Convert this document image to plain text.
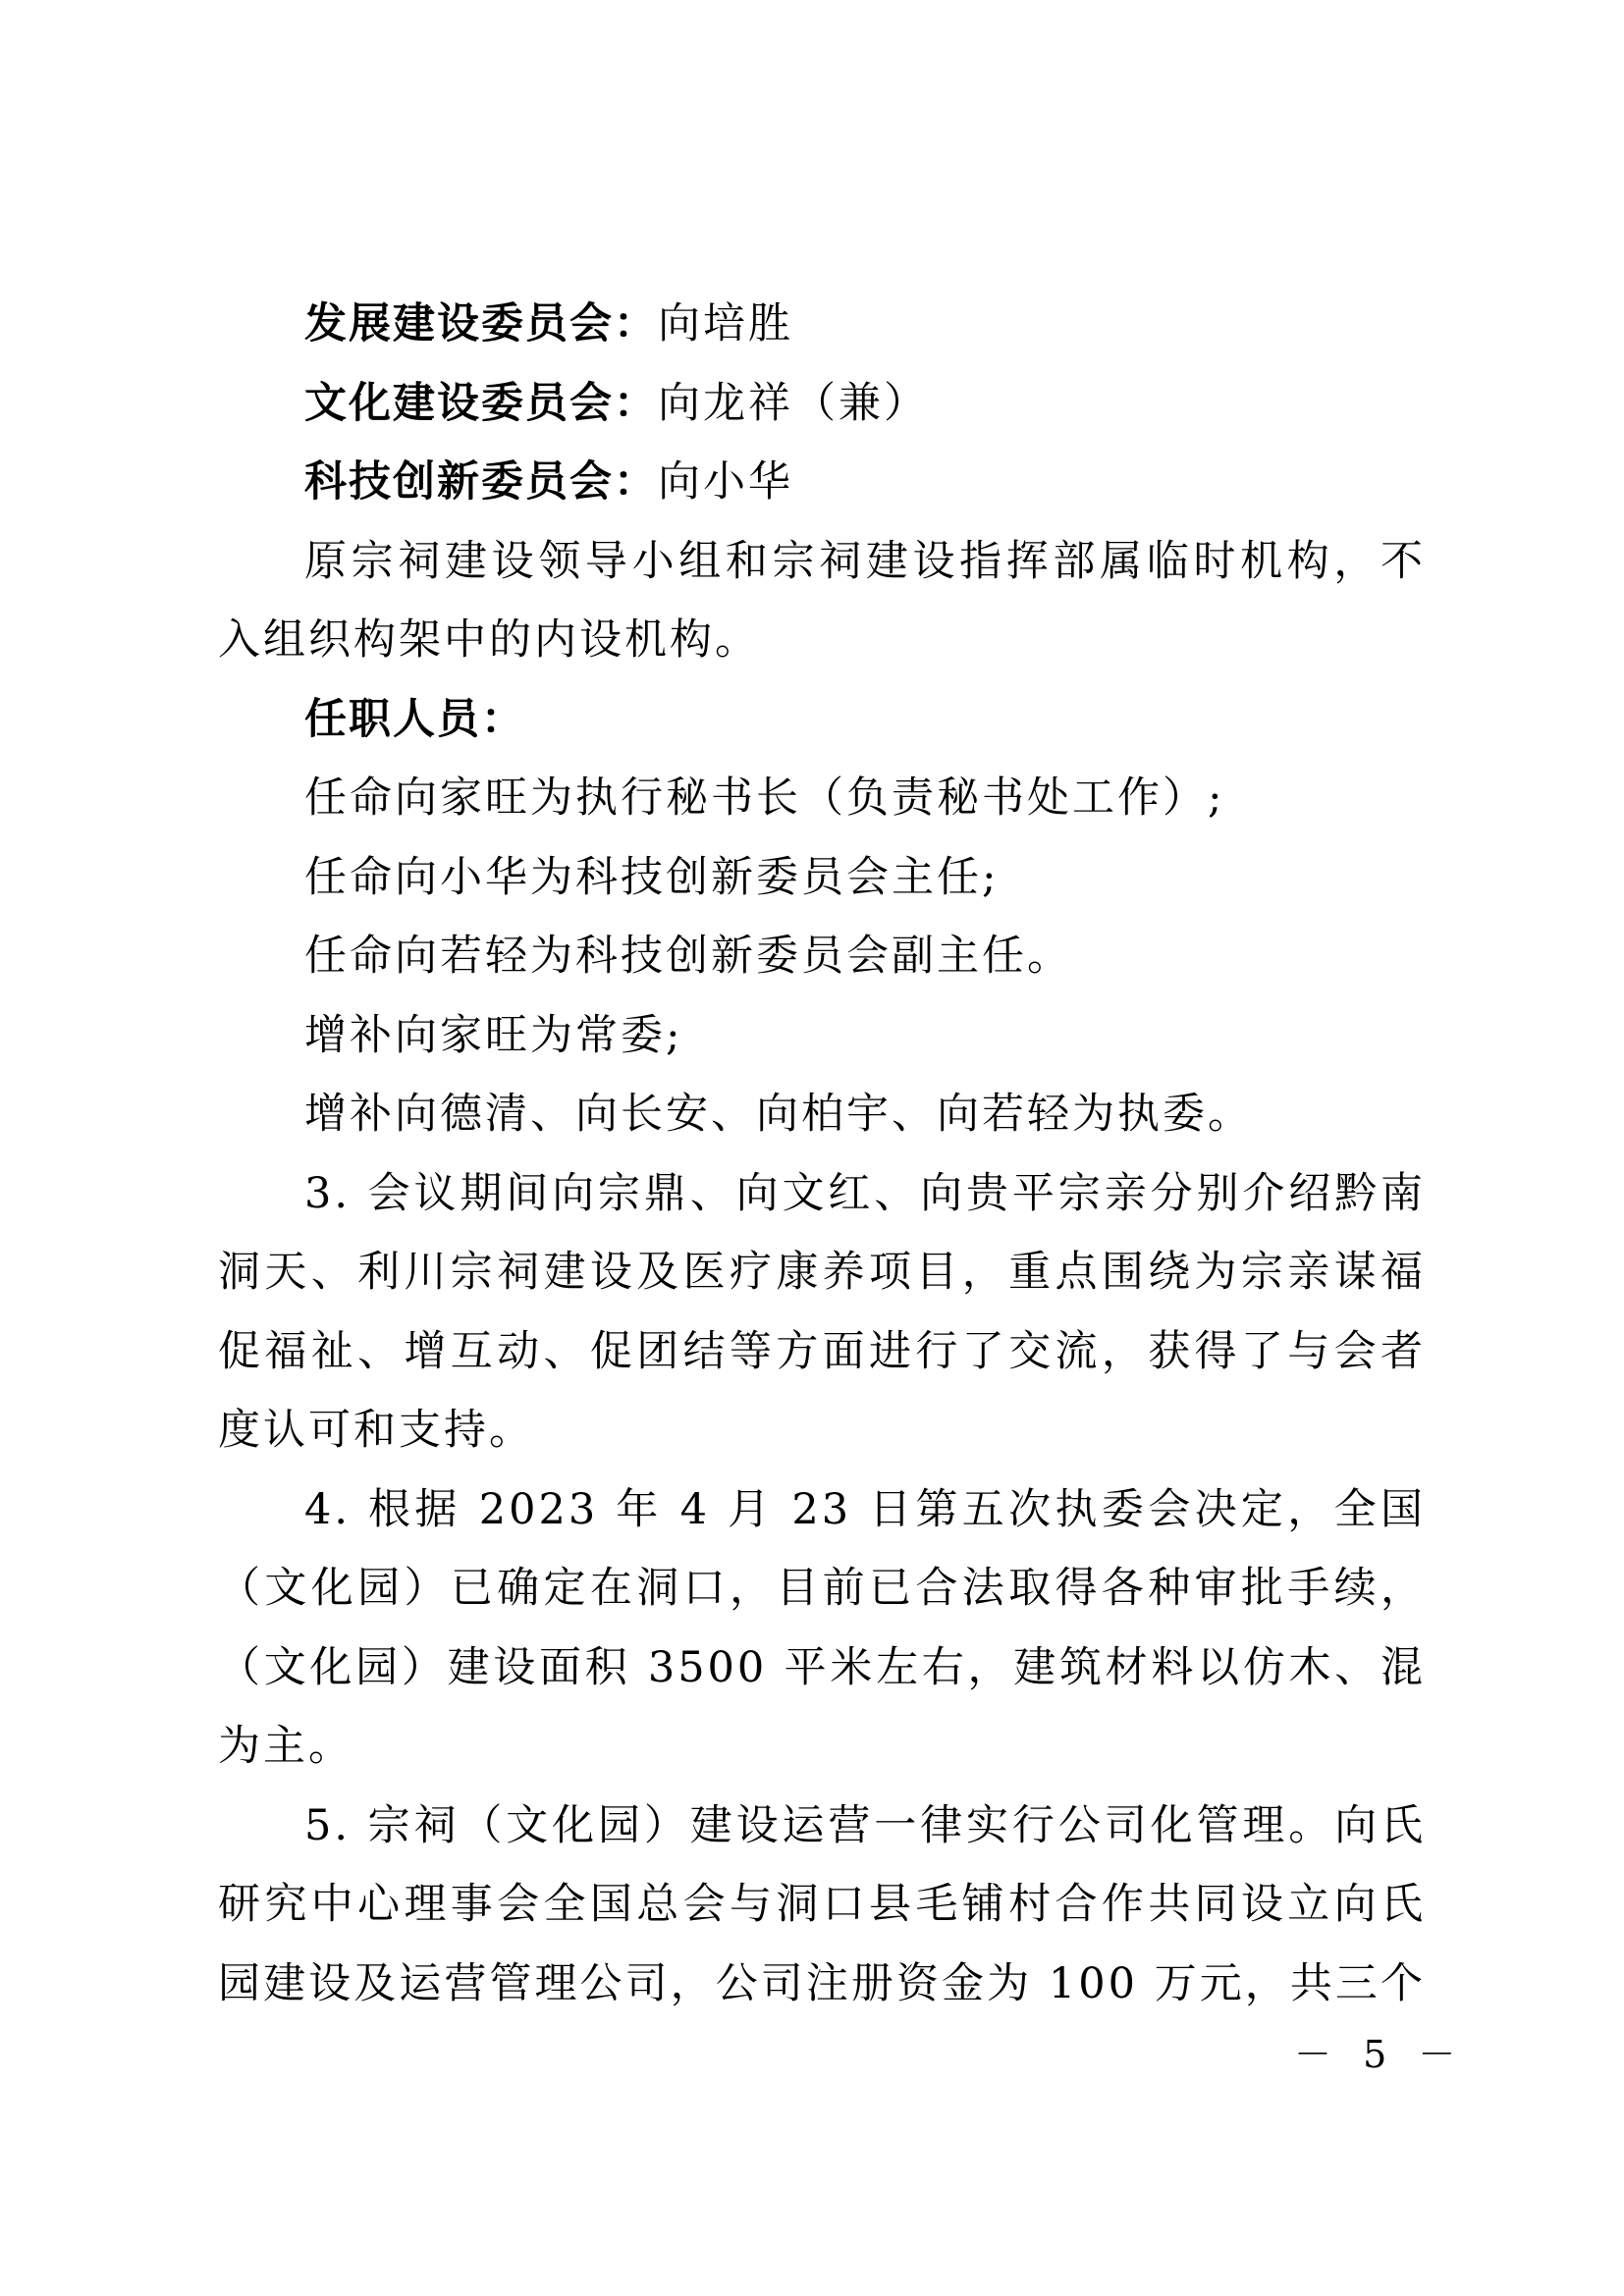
发展建设委员会：向培胜
文化建设委员会：向龙祥（兼）
科技创新委员会：向小华
原宗祠建设领导小组和宗祠建设指挥部属临时机构，不
入组织构架中的内设机构。
任职人员：
任命向家旺为执行秘书长（负责秘书处工作）;
任命向小华为科技创新委员会主任;
任命向若轻为科技创新委员会副主任。
增补向家旺为常委;
增补向德清、向长安、向柏宇、向若轻为执委。
3. 会议期间向宗鼎、向文红、向贵平宗亲分别介绍黔南
洞天、利川宗祠建设及医疗康养项目，重点围绕为宗亲谋福
促福祉、增互动、促团结等方面进行了交流，获得了与会者
度认可和支持。
4. 根据 2023 年 4 月 23 日第五次执委会决定，全国
（文化园）已确定在洞口，目前已合法取得各种审批手续，
（文化园）建设面积 3500 平米左右，建筑材料以仿木、混
为主。
5. 宗祠（文化园）建设运营一律实行公司化管理。向氏
研究中心理事会全国总会与洞口县毛铺村合作共同设立向氏
园建设及运营管理公司，公司注册资金为 100 万元，共三个
－ 5 －
